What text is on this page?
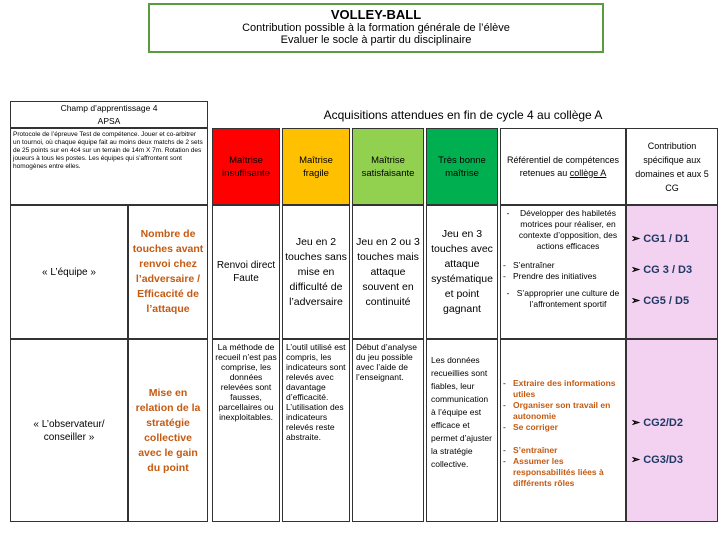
VOLLEY-BALL
Contribution possible à la formation générale de l’élève
Evaluer le socle à partir du disciplinaire
Champ d’apprentissage 4
APSA	Acquisitions attendues en fin de cycle 4 au collège A
Protocole de l’épreuve Test de compétence. Jouer et co-arbitrer un tournoi, où chaque équipe fait au moins deux matchs de 2 sets de 25 points sur en 4c4 sur un terrain de 14m X 7m. Rotation des joueurs à tous les postes. Les équipes qui s’affrontent sont homogènes entre elles.
Maîtrise insuffisante
Maîtrise fragile
Maîtrise satisfaisante
Très bonne maîtrise
Référentiel de compétences retenues au collège A
Contribution spécifique aux domaines et aux 5 CG
« L’équipe »
Nombre de touches avant renvoi chez l’adversaire / Efficacité de l’attaque
Renvoi direct Faute
Jeu en 2 touches sans mise en difficulté de l’adversaire
Jeu en 2 ou 3 touches mais attaque souvent en continuité
Jeu en 3 touches avec attaque systématique et point gagnant
-	Développer des habiletés motrices pour réaliser, en contexte d’opposition, des actions efficaces
- S’entraîner
- Prendre des initiatives
- S’approprier une culture de l’affrontement sportif
➢ CG1 / D1
➢ CG 3 / D3
➢ CG5 / D5
« L’observateur/ conseiller »
Mise en relation de la stratégie collective avec le gain du point
La méthode de recueil n’est pas comprise, les données relevées sont fausses, parcellaires ou inexploitables.
L’outil utilisé est compris, les indicateurs sont relevés avec davantage d’efficacité. L’utilisation des indicateurs relevés reste abstraite.
Début d’analyse du jeu possible avec l’aide de l’enseignant.
Les données recueillies sont fiables, leur communication à l’équipe est efficace et permet d’ajuster la stratégie collective.
- Extraire des informations utiles
- Organiser son travail en autonomie
- Se corriger
- S’entraîner
- Assumer les responsabilités liées à différents rôles
➢ CG2/D2
➢ CG3/D3
